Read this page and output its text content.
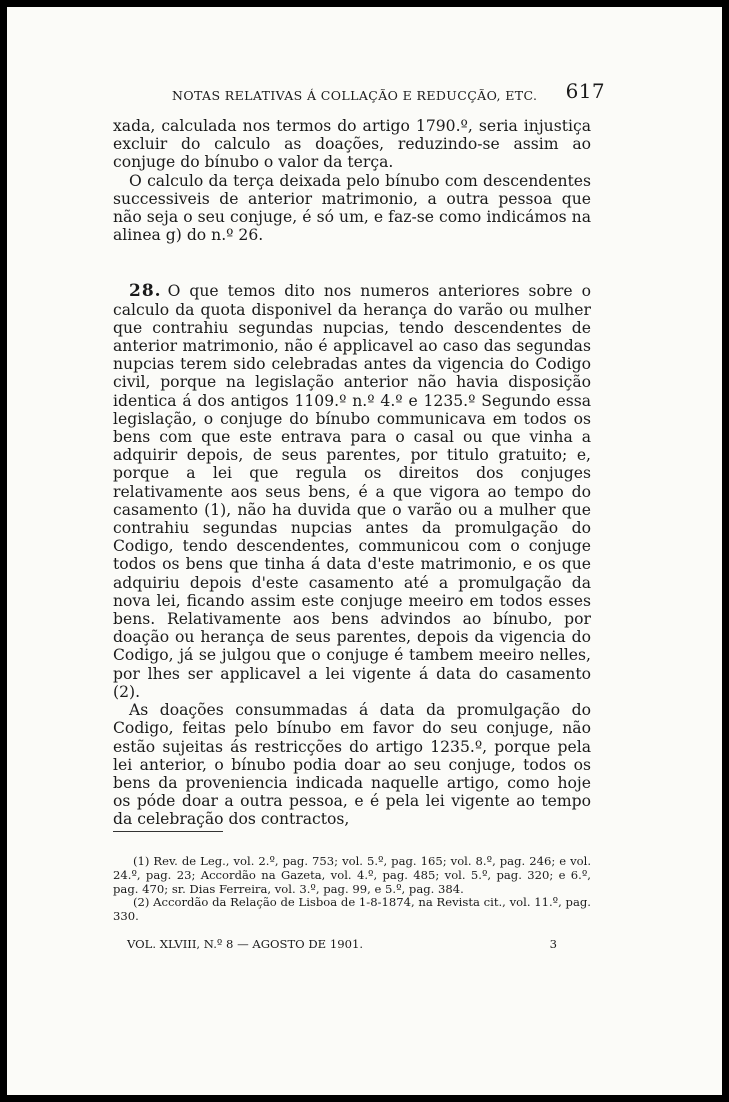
NOTAS RELATIVAS Á COLLAÇÃO E REDUCÇÃO, ETC. 617

xada, calculada nos termos do artigo 1790.º, seria injustiça excluir do calculo as doações, reduzindo-se assim ao conjuge do bínubo o valor da terça.

O calculo da terça deixada pelo bínubo com descendentes successiveis de anterior matrimonio, a outra pessoa que não seja o seu conjuge, é só um, e faz-se como indicámos na alinea g) do n.º 26.

28. O que temos dito nos numeros anteriores sobre o calculo da quota disponivel da herança do varão ou mulher que contrahiu segundas nupcias, tendo descendentes de anterior matrimonio, não é applicavel ao caso das segundas nupcias terem sido celebradas antes da vigencia do Codigo civil, porque na legislação anterior não havia disposição identica á dos antigos 1109.º n.º 4.º e 1235.º Segundo essa legislação, o conjuge do bínubo communicava em todos os bens com que este entrava para o casal ou que vinha a adquirir depois, de seus parentes, por titulo gratuito; e, porque a lei que regula os direitos dos conjuges relativamente aos seus bens, é a que vigora ao tempo do casamento (1), não ha duvida que o varão ou a mulher que contrahiu segundas nupcias antes da promulgação do Codigo, tendo descendentes, communicou com o conjuge todos os bens que tinha á data d'este matrimonio, e os que adquiriu depois d'este casamento até a promulgação da nova lei, ficando assim este conjuge meeiro em todos esses bens. Relativamente aos bens advindos ao bínubo, por doação ou herança de seus parentes, depois da vigencia do Codigo, já se julgou que o conjuge é tambem meeiro nelles, por lhes ser applicavel a lei vigente á data do casamento (2).

As doações consummadas á data da promulgação do Codigo, feitas pelo bínubo em favor do seu conjuge, não estão sujeitas ás restricções do artigo 1235.º, porque pela lei anterior, o bínubo podia doar ao seu conjuge, todos os bens da proveniencia indicada naquelle artigo, como hoje os póde doar a outra pessoa, e é pela lei vigente ao tempo da celebração dos contractos,

(1) Rev. de Leg., vol. 2.º, pag. 753; vol. 5.º, pag. 165; vol. 8.º, pag. 246; e vol. 24.º, pag. 23; Accordão na Gazeta, vol. 4.º, pag. 485; vol. 5.º, pag. 320; e 6.º, pag. 470; sr. Dias Ferreira, vol. 3.º, pag. 99, e 5.º, pag. 384.

(2) Accordão da Relação de Lisboa de 1-8-1874, na Revista cit., vol. 11.º, pag. 330.

VOL. XLVIII, N.º 8 — AGOSTO DE 1901.	3
